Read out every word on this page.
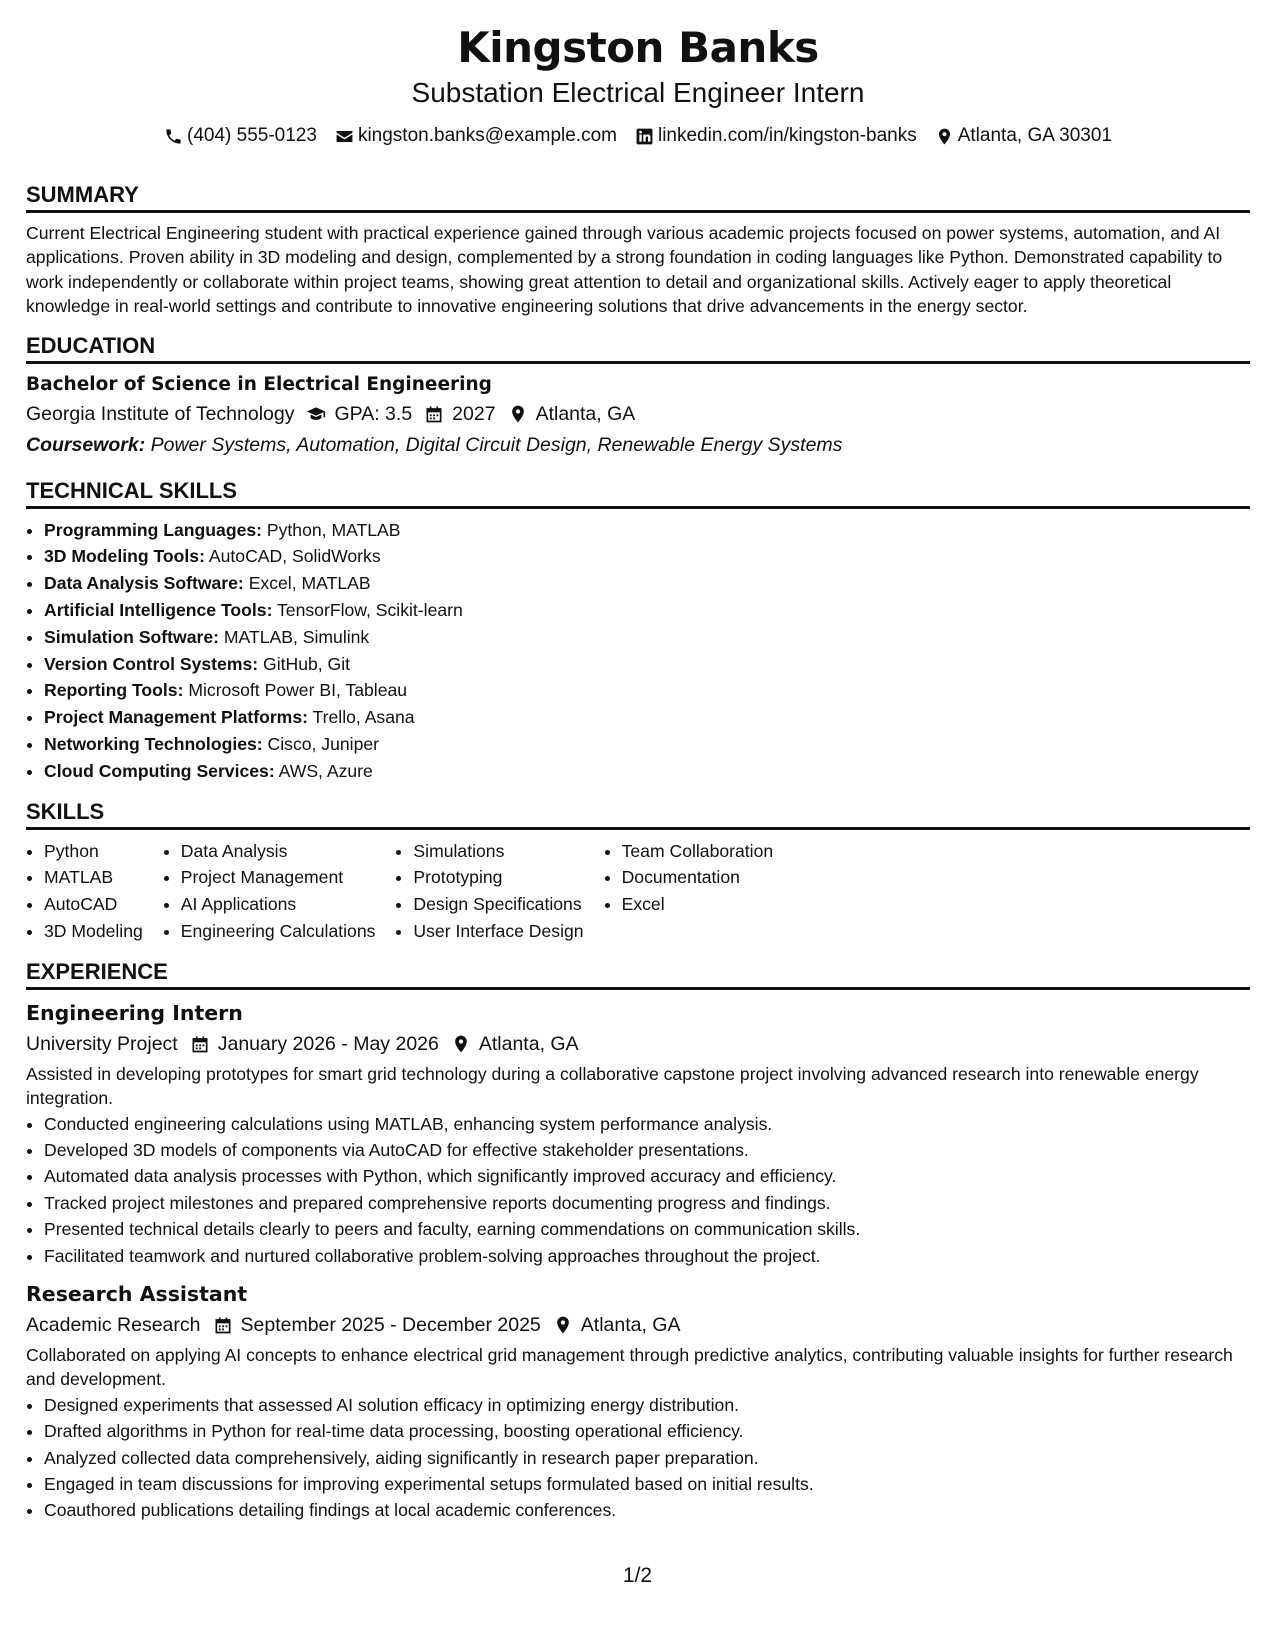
Kingston Banks
Substation Electrical Engineer Intern
(404) 555-0123 kingston.banks@example.com linkedin.com/in/kingston-banks Atlanta, GA 30301
SUMMARY

Current Electrical Engineering student with practical experience gained through various academic projects focused on power systems, automation, and AI applications. Proven ability in 3D modeling and design, complemented by a strong foundation in coding languages like Python. Demonstrated capability to work independently or collaborate within project teams, showing great attention to detail and organizational skills. Actively eager to apply theoretical knowledge in real-world settings and contribute to innovative engineering solutions that drive advancements in the energy sector.

EDUCATION
Bachelor of Science in Electrical Engineering
Georgia Institute of Technology GPA: 3.5 2027 Atlanta, GA
Coursework: Power Systems, Automation, Digital Circuit Design, Renewable Energy Systems
TECHNICAL SKILLS
• Programming Languages: Python, MATLAB
• 3D Modeling Tools: AutoCAD, SolidWorks
• Data Analysis Software: Excel, MATLAB
• Artificial Intelligence Tools: TensorFlow, Scikit-learn
• Simulation Software: MATLAB, Simulink
• Version Control Systems: GitHub, Git
• Reporting Tools: Microsoft Power BI, Tableau
• Project Management Platforms: Trello, Asana
• Networking Technologies: Cisco, Juniper
• Cloud Computing Services: AWS, Azure
SKILLS
• Python
• MATLAB
• AutoCAD
• 3D Modeling
• Data Analysis
• Project Management
• AI Applications
• Engineering Calculations
• Simulations
• Prototyping
• Design Specifications
• User Interface Design
• Team Collaboration
• Documentation
• Excel
EXPERIENCE
Engineering Intern
University Project January 2026 - May 2026 Atlanta, GA

Assisted in developing prototypes for smart grid technology during a collaborative capstone project involving advanced research into renewable energy integration.

• Conducted engineering calculations using MATLAB, enhancing system performance analysis.
• Developed 3D models of components via AutoCAD for effective stakeholder presentations.
• Automated data analysis processes with Python, which significantly improved accuracy and efficiency.
• Tracked project milestones and prepared comprehensive reports documenting progress and findings.
• Presented technical details clearly to peers and faculty, earning commendations on communication skills.
• Facilitated teamwork and nurtured collaborative problem-solving approaches throughout the project.
Research Assistant
Academic Research September 2025 - December 2025 Atlanta, GA

Collaborated on applying AI concepts to enhance electrical grid management through predictive analytics, contributing valuable insights for further research and development.

• Designed experiments that assessed AI solution efficacy in optimizing energy distribution.
• Drafted algorithms in Python for real-time data processing, boosting operational efficiency.
• Analyzed collected data comprehensively, aiding significantly in research paper preparation.
• Engaged in team discussions for improving experimental setups formulated based on initial results.
• Coauthored publications detailing findings at local academic conferences.
1/2
